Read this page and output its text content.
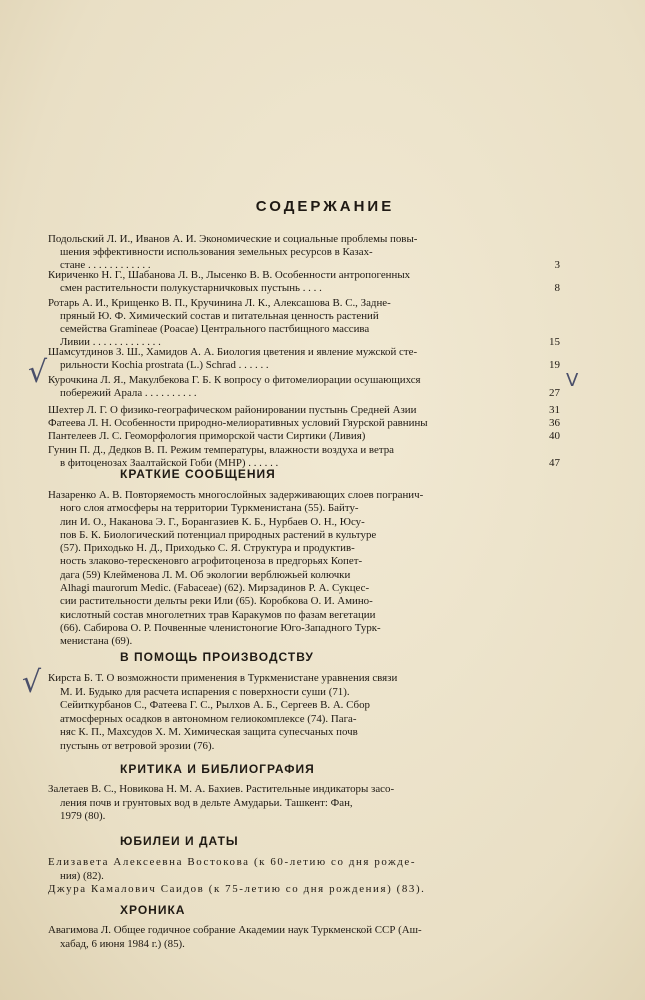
СОДЕРЖАНИЕ
Подольский Л. И., Иванов А. И. Экономические и социальные проблемы повы-
шения эффективности использования земельных ресурсов в Казах-
стане . . . . . . . . . . . .	3
Кириченко Н. Г., Шабанова Л. В., Лысенко В. В. Особенности антропогенных
смен растительности полукустарничковых пустынь . . . .	8
Ротарь А. И., Крищенко В. П., Кручинина Л. К., Алексашова В. С., Задне-
пряный Ю. Ф. Химический состав и питательная ценность растений
семейства Gramineae (Poacae) Центрального пастбищного массива
Ливии . . . . . . . . . . . . .	15
Шамсутдинов З. Ш., Хамидов А. А. Биология цветения и явление мужской сте-
рильности Kochia prostrata (L.) Schrad . . . . . .	19
Курочкина Л. Я., Макулбекова Г. Б. К вопросу о фитомелиорации осушающихся
побережий Арала . . . . . . . . . .	27
Шехтер Л. Г. О физико-географическом районировании пустынь Средней Азии	31
Фатеева Л. Н. Особенности природно-мелиоративных условий Гяурской равнины	36
Пантелеев Л. С. Геоморфология приморской части Сиртики (Ливия)	40
Гунин П. Д., Дедков В. П. Режим температуры, влажности воздуха и ветра
в фитоценозах Заалтайской Гоби (МНР) . . . . . .	47
КРАТКИЕ СООБЩЕНИЯ
Назаренко А. В. Повторяемость многослойных задерживающих слоев погранич-
ного слоя атмосферы на территории Туркменистана (55). Байту-
лин И. О., Наканова Э. Г., Борангазиев К. Б., Нурбаев О. Н., Юсу-
пов Б. К. Биологический потенциал природных растений в культуре
(57). Приходько Н. Д., Приходько С. Я. Структура и продуктив-
ность злаково-терескеновго агрофитоценоза в предгорьях Копет-
дага (59) Клейменова Л. М. Об экологии верблюжьей колючки
Alhagi maurorum Medic. (Fabaceae) (62). Мирзадинов Р. А. Сукцес-
сии растительности дельты реки Или (65). Коробкова О. И. Амино-
кислотный состав многолетних трав Каракумов по фазам вегетации
(66). Сабирова О. Р. Почвенные членистоногие Юго-Западного Турк-
менистана (69).
В ПОМОЩЬ ПРОИЗВОДСТВУ
Кирста Б. Т. О возможности применения в Туркменистане уравнения связи
М. И. Будыко для расчета испарения с поверхности суши (71).
Сейиткурбанов С., Фатеева Г. С., Рылхов А. Б., Сергеев В. А. Сбор
атмосферных осадков в автономном гелиокомплексе (74). Пага-
няс К. П., Махсудов Х. М. Химическая защита супесчаных почв
пустынь от ветровой эрозии (76).
КРИТИКА И БИБЛИОГРАФИЯ
Залетаев В. С., Новикова Н. М. А. Бахиев. Растительные индикаторы засо-
ления почв и грунтовых вод в дельте Амударьи. Ташкент: Фан,
1979 (80).
ЮБИЛЕИ И ДАТЫ
Елизавета Алексеевна Востокова (к 60-летию со дня рожде-
ния) (82).
Джура Камалович Саидов (к 75-летию со дня рождения) (83).
ХРОНИКА
Авагимова Л. Общее годичное собрание Академии наук Туркменской ССР (Аш-
хабад, 6 июня 1984 г.) (85).
√	V
√
